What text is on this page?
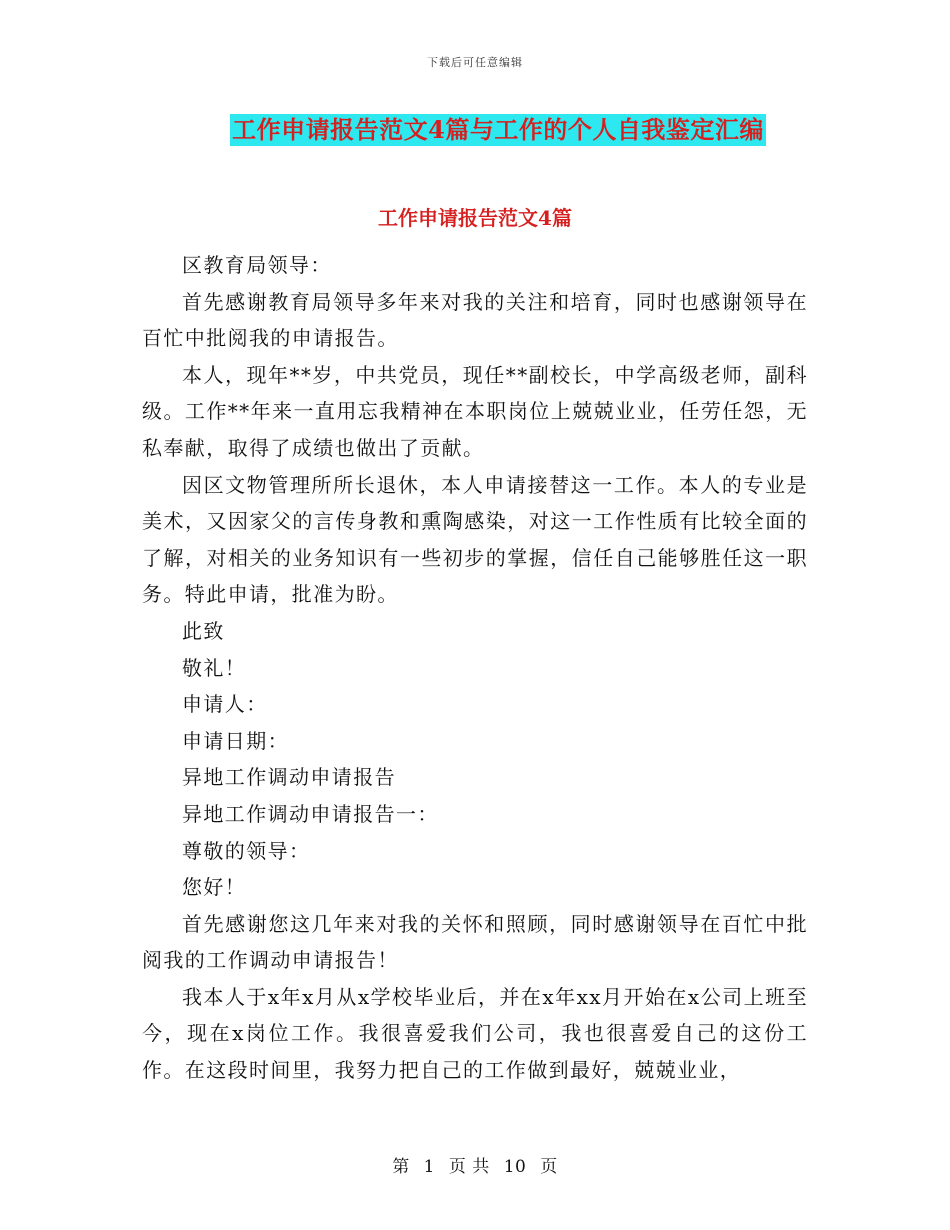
下载后可任意编辑
工作申请报告范文4篇与工作的个人自我鉴定汇编
工作申请报告范文4篇

区教育局领导：

首先感谢教育局领导多年来对我的关注和培育，同时也感谢领导在百忙中批阅我的申请报告。

本人，现年**岁，中共党员，现任**副校长，中学高级老师，副科级。工作**年来一直用忘我精神在本职岗位上兢兢业业，任劳任怨，无私奉献，取得了成绩也做出了贡献。

因区文物管理所所长退休，本人申请接替这一工作。本人的专业是美术，又因家父的言传身教和熏陶感染，对这一工作性质有比较全面的了解，对相关的业务知识有一些初步的掌握，信任自己能够胜任这一职务。特此申请，批准为盼。

此致

敬礼！

申请人：

申请日期：

异地工作调动申请报告

异地工作调动申请报告一：

尊敬的领导：

您好！

首先感谢您这几年来对我的关怀和照顾，同时感谢领导在百忙中批阅我的工作调动申请报告！

我本人于x年x月从x学校毕业后，并在x年xx月开始在x公司上班至今，现在x岗位工作。我很喜爱我们公司，我也很喜爱自己的这份工作。在这段时间里，我努力把自己的工作做到最好，兢兢业业，

第 1 页 共 10 页
